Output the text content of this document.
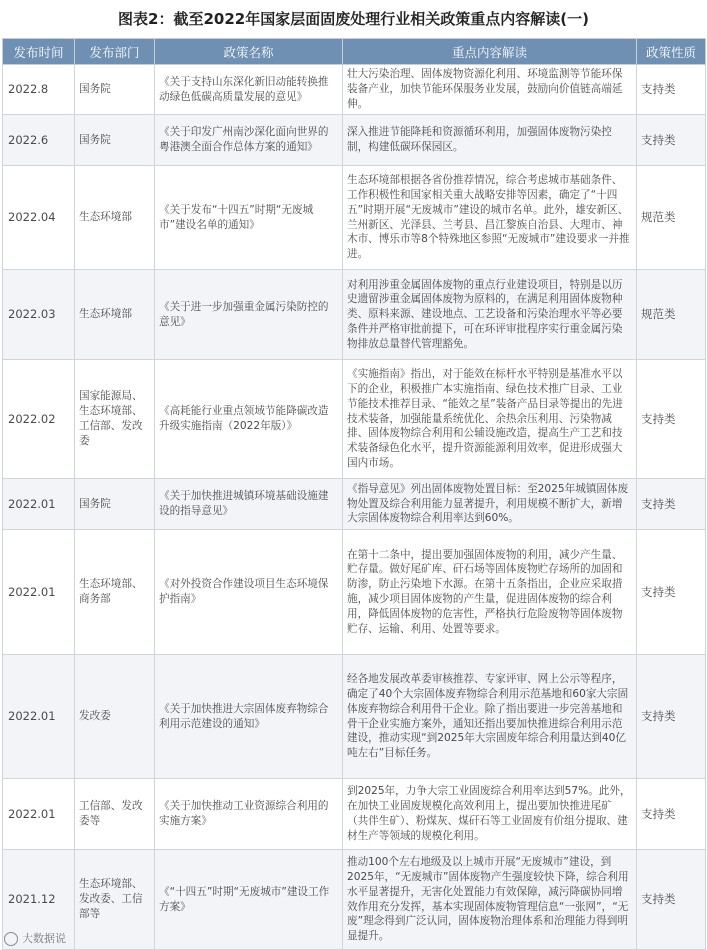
图表2：截至2022年国家层面固废处理行业相关政策重点内容解读(一)
发布时间	发布部门	政策名称	重点内容解读	政策性质
2022.8	国务院	《关于支持山东深化新旧动能转换推动绿色低碳高质量发展的意见》	壮大污染治理、固体废物资源化利用、环境监测等节能环保装备产业，加快节能环保服务业发展，鼓励向价值链高端延伸。	支持类
2022.6	国务院	《关于印发广州南沙深化面向世界的粤港澳全面合作总体方案的通知》	深入推进节能降耗和资源循环利用，加强固体废物污染控制，构建低碳环保园区。	支持类
2022.04	生态环境部	《关于发布“十四五”时期“无废城市”建设名单的通知》	生态环境部根据各省份推荐情况，综合考虑城市基础条件、工作积极性和国家相关重大战略安排等因素，确定了“十四五”时期开展“无废城市”建设的城市名单。此外，雄安新区、兰州新区、光泽县、兰考县、昌江黎族自治县、大理市、神木市、博乐市等8个特殊地区参照“无废城市”建设要求一并推进。	规范类
2022.03	生态环境部	《关于进一步加强重金属污染防控的意见》	对利用涉重金属固体废物的重点行业建设项目，特别是以历史遗留涉重金属固体废物为原料的，在满足利用固体废物种类、原料来源、建设地点、工艺设备和污染治理水平等必要条件并严格审批前提下，可在环评审批程序实行重金属污染物排放总量替代管理豁免。	规范类
2022.02	国家能源局、生态环境部、工信部、发改委	《高耗能行业重点领域节能降碳改造升级实施指南（2022年版）》	《实施指南》指出，对于能效在标杆水平特别是基准水平以下的企业，积极推广本实施指南、绿色技术推广目录、工业节能技术推荐目录、“能效之星”装备产品目录等提出的先进技术装备，加强能量系统优化、余热余压利用、污染物减排、固体废物综合利用和公辅设施改造，提高生产工艺和技术装备绿色化水平，提升资源能源利用效率，促进形成强大国内市场。	支持类
2022.01	国务院	《关于加快推进城镇环境基础设施建设的指导意见》	《指导意见》列出固体废物处置目标：至2025年城镇固体废物处置及综合利用能力显著提升，利用规模不断扩大，新增大宗固体废物综合利用率达到60%。	支持类
2022.01	生态环境部、商务部	《对外投资合作建设项目生态环境保护指南》	在第十二条中，提出要加强固体废物的利用，减少产生量、贮存量。做好尾矿库、矸石场等固体废物贮存场所的加固和防渗，防止污染地下水源。在第十五条指出，企业应采取措施，减少项目固体废物的产生量，促进固体废物的综合利用，降低固体废物的危害性，严格执行危险废物等固体废物贮存、运输、利用、处置等要求。	支持类
2022.01	发改委	《关于加快推进大宗固体废弃物综合利用示范建设的通知》	经各地发展改革委审核推荐、专家评审、网上公示等程序，确定了40个大宗固体废弃物综合利用示范基地和60家大宗固体废弃物综合利用骨干企业。除了指出要进一步完善基地和骨干企业实施方案外，通知还指出要加快推进综合利用示范建设，推动实现“到2025年大宗固废年综合利用量达到40亿吨左右”目标任务。	支持类
2022.01	工信部、发改委等	《关于加快推动工业资源综合利用的实施方案》	到2025年，力争大宗工业固废综合利用率达到57%。此外，在加快工业固废规模化高效利用上，提出要加快推进尾矿（共伴生矿）、粉煤灰、煤矸石等工业固废有价组分提取、建材生产等领域的规模化利用。	支持类
2021.12	生态环境部、发改委、工信部等	《“十四五”时期“无废城市”建设工作方案》	推动100个左右地级及以上城市开展“无废城市”建设，到2025年，“无废城市”固体废物产生强度较快下降，综合利用水平显著提升，无害化处置能力有效保障，减污降碳协同增效作用充分发挥，基本实现固体废物管理信息“一张网”，“无废”理念得到广泛认同，固体废物治理体系和治理能力得到明显提升。	支持类
大数据说
